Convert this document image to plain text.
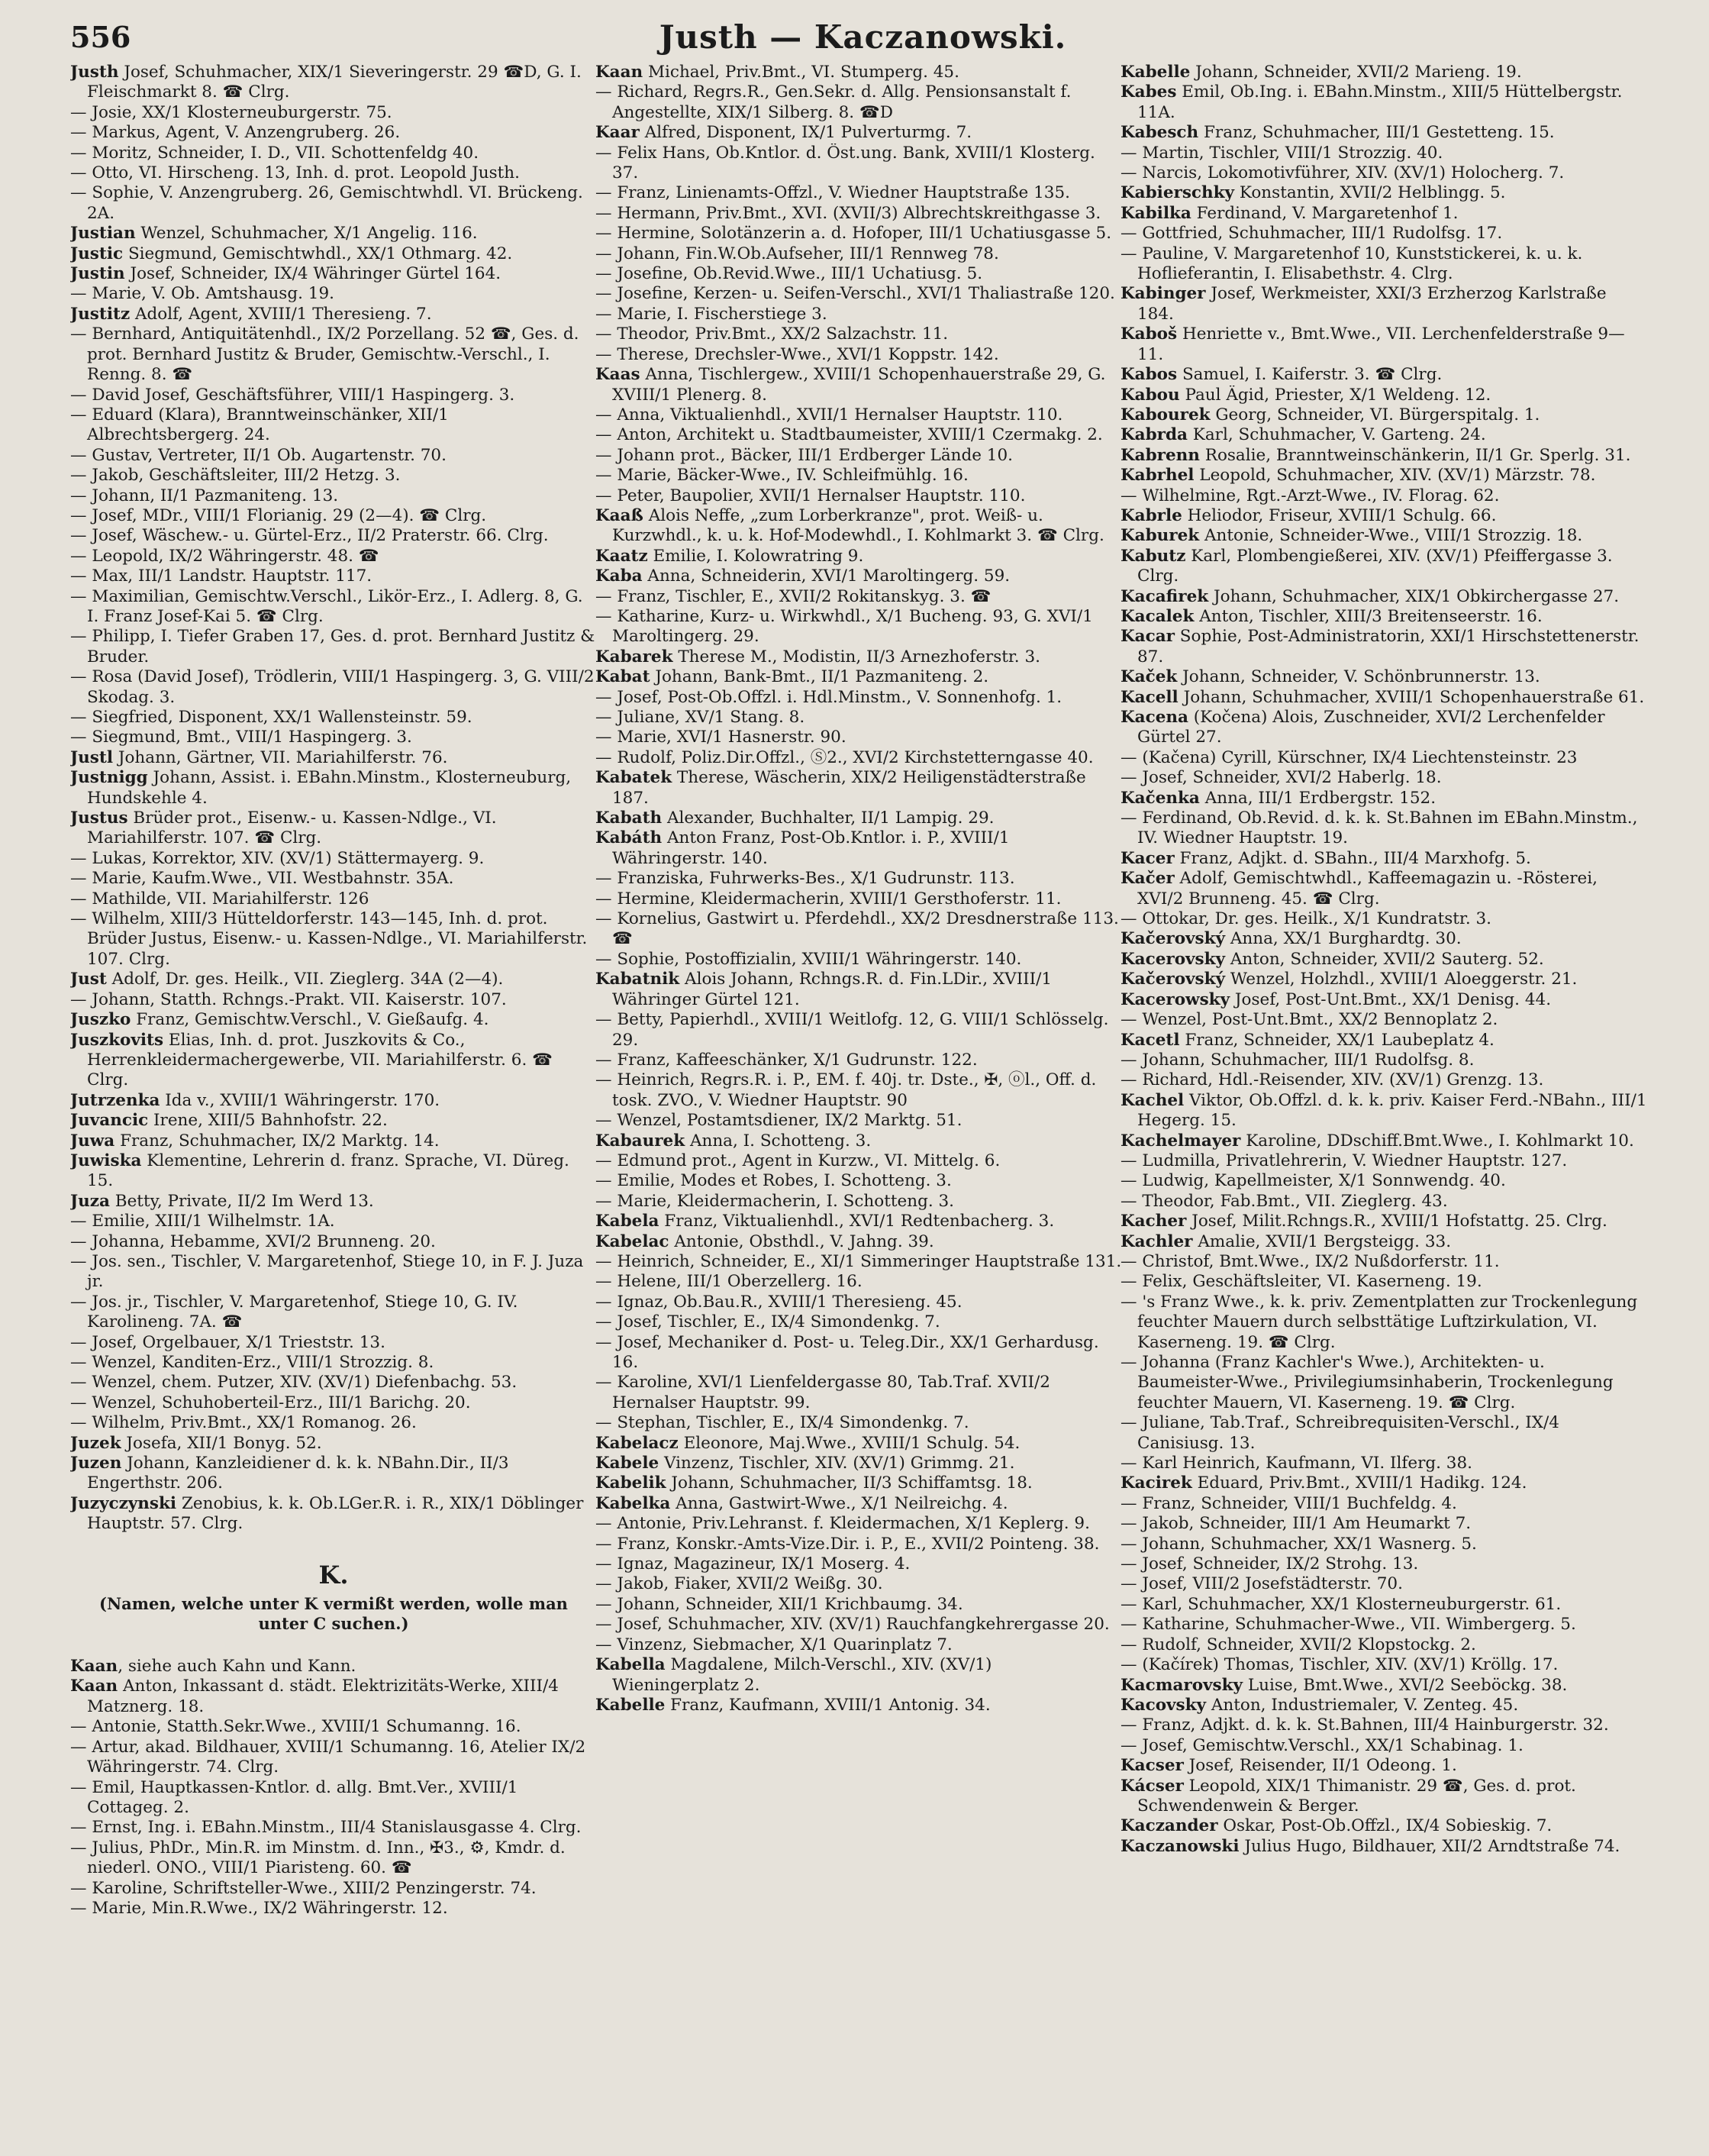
556	Justh — Kaczanowski.

Justh Josef, Schuhmacher, XIX/1 Sieveringerstr. 29 ☎D, G. I. Fleischmarkt 8. ☎ Clrg.

— Josie, XX/1 Klosterneuburgerstr. 75.

— Markus, Agent, V. Anzengruberg. 26.

— Moritz, Schneider, I. D., VII. Schottenfeldg 40.

— Otto, VI. Hirscheng. 13, Inh. d. prot. Leopold Justh.

— Sophie, V. Anzengruberg. 26, Gemischtwhdl. VI. Brückeng. 2A.

Justian Wenzel, Schuhmacher, X/1 Angelig. 116.

Justic Siegmund, Gemischtwhdl., XX/1 Othmarg. 42.

Justin Josef, Schneider, IX/4 Währinger Gürtel 164.

— Marie, V. Ob. Amtshausg. 19.

Justitz Adolf, Agent, XVIII/1 Theresieng. 7.

— Bernhard, Antiquitätenhdl., IX/2 Porzellang. 52 ☎, Ges. d. prot. Bernhard Justitz & Bruder, Gemischtw.-Verschl., I. Renng. 8. ☎

— David Josef, Geschäftsführer, VIII/1 Haspingerg. 3.

— Eduard (Klara), Branntweinschänker, XII/1 Albrechtsbergerg. 24.

— Gustav, Vertreter, II/1 Ob. Augartenstr. 70.

— Jakob, Geschäftsleiter, III/2 Hetzg. 3.

— Johann, II/1 Pazmaniteng. 13.

— Josef, MDr., VIII/1 Florianig. 29 (2—4). ☎ Clrg.

— Josef, Wäschew.- u. Gürtel-Erz., II/2 Praterstr. 66. Clrg.

— Leopold, IX/2 Währingerstr. 48. ☎

— Max, III/1 Landstr. Hauptstr. 117.

— Maximilian, Gemischtw.Verschl., Likör-Erz., I. Adlerg. 8, G. I. Franz Josef-Kai 5. ☎ Clrg.

— Philipp, I. Tiefer Graben 17, Ges. d. prot. Bernhard Justitz & Bruder.

— Rosa (David Josef), Trödlerin, VIII/1 Haspingerg. 3, G. VIII/2 Skodag. 3.

— Siegfried, Disponent, XX/1 Wallensteinstr. 59.

— Siegmund, Bmt., VIII/1 Haspingerg. 3.

Justl Johann, Gärtner, VII. Mariahilferstr. 76.

Justnigg Johann, Assist. i. EBahn.Minstm., Klosterneuburg, Hundskehle 4.

Justus Brüder prot., Eisenw.- u. Kassen-Ndlge., VI. Mariahilferstr. 107. ☎ Clrg.

— Lukas, Korrektor, XIV. (XV/1) Stättermayerg. 9.

— Marie, Kaufm.Wwe., VII. Westbahnstr. 35A.

— Mathilde, VII. Mariahilferstr. 126

— Wilhelm, XIII/3 Hütteldorferstr. 143—145, Inh. d. prot. Brüder Justus, Eisenw.- u. Kassen-Ndlge., VI. Mariahilferstr. 107. Clrg.

Just Adolf, Dr. ges. Heilk., VII. Zieglerg. 34A (2—4).

— Johann, Statth. Rchngs.-Prakt. VII. Kaiserstr. 107.

Juszko Franz, Gemischtw.Verschl., V. Gießaufg. 4.

Juszkovits Elias, Inh. d. prot. Juszkovits & Co., Herrenkleidermachergewerbe, VII. Mariahilferstr. 6. ☎ Clrg.

Jutrzenka Ida v., XVIII/1 Währingerstr. 170.

Juvancic Irene, XIII/5 Bahnhofstr. 22.

Juwa Franz, Schuhmacher, IX/2 Marktg. 14.

Juwiska Klementine, Lehrerin d. franz. Sprache, VI. Düreg. 15.

Juza Betty, Private, II/2 Im Werd 13.

— Emilie, XIII/1 Wilhelmstr. 1A.

— Johanna, Hebamme, XVI/2 Brunneng. 20.

— Jos. sen., Tischler, V. Margaretenhof, Stiege 10, in F. J. Juza jr.

— Jos. jr., Tischler, V. Margaretenhof, Stiege 10, G. IV. Karolineng. 7A. ☎

— Josef, Orgelbauer, X/1 Trieststr. 13.

— Wenzel, Kanditen-Erz., VIII/1 Strozzig. 8.

— Wenzel, chem. Putzer, XIV. (XV/1) Diefenbachg. 53.

— Wenzel, Schuhoberteil-Erz., III/1 Barichg. 20.

— Wilhelm, Priv.Bmt., XX/1 Romanog. 26.

Juzek Josefa, XII/1 Bonyg. 52.

Juzen Johann, Kanzleidiener d. k. k. NBahn.Dir., II/3 Engerthstr. 206.

Juzyczynski Zenobius, k. k. Ob.LGer.R. i. R., XIX/1 Döblinger Hauptstr. 57. Clrg.

K.
(Namen, welche unter K vermißt werden, wolle man unter C suchen.)

Kaan, siehe auch Kahn und Kann.

Kaan Anton, Inkassant d. städt. Elektrizitäts-Werke, XIII/4 Matznerg. 18.

— Antonie, Statth.Sekr.Wwe., XVIII/1 Schumanng. 16.

— Artur, akad. Bildhauer, XVIII/1 Schumanng. 16, Atelier IX/2 Währingerstr. 74. Clrg.

— Emil, Hauptkassen-Kntlor. d. allg. Bmt.Ver., XVIII/1 Cottageg. 2.

— Ernst, Ing. i. EBahn.Minstm., III/4 Stanislausgasse 4. Clrg.

— Julius, PhDr., Min.R. im Minstm. d. Inn., ✠3., ⚙, Kmdr. d. niederl. ONO., VIII/1 Piaristeng. 60. ☎

— Karoline, Schriftsteller-Wwe., XIII/2 Penzingerstr. 74.

— Marie, Min.R.Wwe., IX/2 Währingerstr. 12.

Kaan Michael, Priv.Bmt., VI. Stumperg. 45.

— Richard, Regrs.R., Gen.Sekr. d. Allg. Pensionsanstalt f. Angestellte, XIX/1 Silberg. 8. ☎D

Kaar Alfred, Disponent, IX/1 Pulverturmg. 7.

— Felix Hans, Ob.Kntlor. d. Öst.ung. Bank, XVIII/1 Klosterg. 37.

— Franz, Linienamts-Offzl., V. Wiedner Hauptstraße 135.

— Hermann, Priv.Bmt., XVI. (XVII/3) Albrechtskreithgasse 3.

— Hermine, Solotänzerin a. d. Hofoper, III/1 Uchatiusgasse 5.

— Johann, Fin.W.Ob.Aufseher, III/1 Rennweg 78.

— Josefine, Ob.Revid.Wwe., III/1 Uchatiusg. 5.

— Josefine, Kerzen- u. Seifen-Verschl., XVI/1 Thaliastraße 120.

— Marie, I. Fischerstiege 3.

— Theodor, Priv.Bmt., XX/2 Salzachstr. 11.

— Therese, Drechsler-Wwe., XVI/1 Koppstr. 142.

Kaas Anna, Tischlergew., XVIII/1 Schopenhauerstraße 29, G. XVIII/1 Plenerg. 8.

— Anna, Viktualienhdl., XVII/1 Hernalser Hauptstr. 110.

— Anton, Architekt u. Stadtbaumeister, XVIII/1 Czermakg. 2.

— Johann prot., Bäcker, III/1 Erdberger Lände 10.

— Marie, Bäcker-Wwe., IV. Schleifmühlg. 16.

— Peter, Baupolier, XVII/1 Hernalser Hauptstr. 110.

Kaaß Alois Neffe, „zum Lorberkranze", prot. Weiß- u. Kurzwhdl., k. u. k. Hof-Modewhdl., I. Kohlmarkt 3. ☎ Clrg.

Kaatz Emilie, I. Kolowratring 9.

Kaba Anna, Schneiderin, XVI/1 Maroltingerg. 59.

— Franz, Tischler, E., XVII/2 Rokitanskyg. 3. ☎

— Katharine, Kurz- u. Wirkwhdl., X/1 Bucheng. 93, G. XVI/1 Maroltingerg. 29.

Kabarek Therese M., Modistin, II/3 Arnezhoferstr. 3.

Kabat Johann, Bank-Bmt., II/1 Pazmaniteng. 2.

— Josef, Post-Ob.Offzl. i. Hdl.Minstm., V. Sonnenhofg. 1.

— Juliane, XV/1 Stang. 8.

— Marie, XVI/1 Hasnerstr. 90.

— Rudolf, Poliz.Dir.Offzl., Ⓢ2., XVI/2 Kirchstetterngasse 40.

Kabatek Therese, Wäscherin, XIX/2 Heiligenstädterstraße 187.

Kabath Alexander, Buchhalter, II/1 Lampig. 29.

Kabáth Anton Franz, Post-Ob.Kntlor. i. P., XVIII/1 Währingerstr. 140.

— Franziska, Fuhrwerks-Bes., X/1 Gudrunstr. 113.

— Hermine, Kleidermacherin, XVIII/1 Gersthoferstr. 11.

— Kornelius, Gastwirt u. Pferdehdl., XX/2 Dresdnerstraße 113. ☎

— Sophie, Postoffizialin, XVIII/1 Währingerstr. 140.

Kabatnik Alois Johann, Rchngs.R. d. Fin.LDir., XVIII/1 Währinger Gürtel 121.

— Betty, Papierhdl., XVIII/1 Weitlofg. 12, G. VIII/1 Schlösselg. 29.

— Franz, Kaffeeschänker, X/1 Gudrunstr. 122.

— Heinrich, Regrs.R. i. P., EM. f. 40j. tr. Dste., ✠, ⓞl., Off. d. tosk. ZVO., V. Wiedner Hauptstr. 90

— Wenzel, Postamtsdiener, IX/2 Marktg. 51.

Kabaurek Anna, I. Schotteng. 3.

— Edmund prot., Agent in Kurzw., VI. Mittelg. 6.

— Emilie, Modes et Robes, I. Schotteng. 3.

— Marie, Kleidermacherin, I. Schotteng. 3.

Kabela Franz, Viktualienhdl., XVI/1 Redtenbacherg. 3.

Kabelac Antonie, Obsthdl., V. Jahng. 39.

— Heinrich, Schneider, E., XI/1 Simmeringer Hauptstraße 131.

— Helene, III/1 Oberzellerg. 16.

— Ignaz, Ob.Bau.R., XVIII/1 Theresieng. 45.

— Josef, Tischler, E., IX/4 Simondenkg. 7.

— Josef, Mechaniker d. Post- u. Teleg.Dir., XX/1 Gerhardusg. 16.

— Karoline, XVI/1 Lienfeldergasse 80, Tab.Traf. XVII/2 Hernalser Hauptstr. 99.

— Stephan, Tischler, E., IX/4 Simondenkg. 7.

Kabelacz Eleonore, Maj.Wwe., XVIII/1 Schulg. 54.

Kabele Vinzenz, Tischler, XIV. (XV/1) Grimmg. 21.

Kabelik Johann, Schuhmacher, II/3 Schiffamtsg. 18.

Kabelka Anna, Gastwirt-Wwe., X/1 Neilreichg. 4.

— Antonie, Priv.Lehranst. f. Kleidermachen, X/1 Keplerg. 9.

— Franz, Konskr.-Amts-Vize.Dir. i. P., E., XVII/2 Pointeng. 38.

— Ignaz, Magazineur, IX/1 Moserg. 4.

— Jakob, Fiaker, XVII/2 Weißg. 30.

— Johann, Schneider, XII/1 Krichbaumg. 34.

— Josef, Schuhmacher, XIV. (XV/1) Rauchfangkehrergasse 20.

— Vinzenz, Siebmacher, X/1 Quarinplatz 7.

Kabella Magdalene, Milch-Verschl., XIV. (XV/1) Wieningerplatz 2.

Kabelle Franz, Kaufmann, XVIII/1 Antonig. 34.

Kabelle Johann, Schneider, XVII/2 Marieng. 19.

Kabes Emil, Ob.Ing. i. EBahn.Minstm., XIII/5 Hüttelbergstr. 11A.

Kabesch Franz, Schuhmacher, III/1 Gestetteng. 15.

— Martin, Tischler, VIII/1 Strozzig. 40.

— Narcis, Lokomotivführer, XIV. (XV/1) Holocherg. 7.

Kabierschky Konstantin, XVII/2 Helblingg. 5.

Kabilka Ferdinand, V. Margaretenhof 1.

— Gottfried, Schuhmacher, III/1 Rudolfsg. 17.

— Pauline, V. Margaretenhof 10, Kunststickerei, k. u. k. Hoflieferantin, I. Elisabethstr. 4. Clrg.

Kabinger Josef, Werkmeister, XXI/3 Erzherzog Karlstraße 184.

Kaboš Henriette v., Bmt.Wwe., VII. Lerchenfelderstraße 9—11.

Kabos Samuel, I. Kaiferstr. 3. ☎ Clrg.

Kabou Paul Ägid, Priester, X/1 Weldeng. 12.

Kabourek Georg, Schneider, VI. Bürgerspitalg. 1.

Kabrda Karl, Schuhmacher, V. Garteng. 24.

Kabrenn Rosalie, Branntweinschänkerin, II/1 Gr. Sperlg. 31.

Kabrhel Leopold, Schuhmacher, XIV. (XV/1) Märzstr. 78.

— Wilhelmine, Rgt.-Arzt-Wwe., IV. Florag. 62.

Kabrle Heliodor, Friseur, XVIII/1 Schulg. 66.

Kaburek Antonie, Schneider-Wwe., VIII/1 Strozzig. 18.

Kabutz Karl, Plombengießerei, XIV. (XV/1) Pfeiffergasse 3. Clrg.

Kacafirek Johann, Schuhmacher, XIX/1 Obkirchergasse 27.

Kacalek Anton, Tischler, XIII/3 Breitenseerstr. 16.

Kacar Sophie, Post-Administratorin, XXI/1 Hirschstettenerstr. 87.

Kaček Johann, Schneider, V. Schönbrunnerstr. 13.

Kacell Johann, Schuhmacher, XVIII/1 Schopenhauerstraße 61.

Kacena (Kočena) Alois, Zuschneider, XVI/2 Lerchenfelder Gürtel 27.

— (Kačena) Cyrill, Kürschner, IX/4 Liechtensteinstr. 23

— Josef, Schneider, XVI/2 Haberlg. 18.

Kačenka Anna, III/1 Erdbergstr. 152.

— Ferdinand, Ob.Revid. d. k. k. St.Bahnen im EBahn.Minstm., IV. Wiedner Hauptstr. 19.

Kacer Franz, Adjkt. d. SBahn., III/4 Marxhofg. 5.

Kačer Adolf, Gemischtwhdl., Kaffeemagazin u. -Rösterei, XVI/2 Brunneng. 45. ☎ Clrg.

— Ottokar, Dr. ges. Heilk., X/1 Kundratstr. 3.

Kačerovský Anna, XX/1 Burghardtg. 30.

Kacerovsky Anton, Schneider, XVII/2 Sauterg. 52.

Kačerovský Wenzel, Holzhdl., XVIII/1 Aloeggerstr. 21.

Kacerowsky Josef, Post-Unt.Bmt., XX/1 Denisg. 44.

— Wenzel, Post-Unt.Bmt., XX/2 Bennoplatz 2.

Kacetl Franz, Schneider, XX/1 Laubeplatz 4.

— Johann, Schuhmacher, III/1 Rudolfsg. 8.

— Richard, Hdl.-Reisender, XIV. (XV/1) Grenzg. 13.

Kachel Viktor, Ob.Offzl. d. k. k. priv. Kaiser Ferd.-NBahn., III/1 Hegerg. 15.

Kachelmayer Karoline, DDschiff.Bmt.Wwe., I. Kohlmarkt 10.

— Ludmilla, Privatlehrerin, V. Wiedner Hauptstr. 127.

— Ludwig, Kapellmeister, X/1 Sonnwendg. 40.

— Theodor, Fab.Bmt., VII. Zieglerg. 43.

Kacher Josef, Milit.Rchngs.R., XVIII/1 Hofstattg. 25. Clrg.

Kachler Amalie, XVII/1 Bergsteigg. 33.

— Christof, Bmt.Wwe., IX/2 Nußdorferstr. 11.

— Felix, Geschäftsleiter, VI. Kaserneng. 19.

— 's Franz Wwe., k. k. priv. Zementplatten zur Trockenlegung feuchter Mauern durch selbsttätige Luftzirkulation, VI. Kaserneng. 19. ☎ Clrg.

— Johanna (Franz Kachler's Wwe.), Architekten- u. Baumeister-Wwe., Privilegiumsinhaberin, Trockenlegung feuchter Mauern, VI. Kaserneng. 19. ☎ Clrg.

— Juliane, Tab.Traf., Schreibrequisiten-Verschl., IX/4 Canisiusg. 13.

— Karl Heinrich, Kaufmann, VI. Ilferg. 38.

Kacirek Eduard, Priv.Bmt., XVIII/1 Hadikg. 124.

— Franz, Schneider, VIII/1 Buchfeldg. 4.

— Jakob, Schneider, III/1 Am Heumarkt 7.

— Johann, Schuhmacher, XX/1 Wasnerg. 5.

— Josef, Schneider, IX/2 Strohg. 13.

— Josef, VIII/2 Josefstädterstr. 70.

— Karl, Schuhmacher, XX/1 Klosterneuburgerstr. 61.

— Katharine, Schuhmacher-Wwe., VII. Wimbergerg. 5.

— Rudolf, Schneider, XVII/2 Klopstockg. 2.

— (Kačírek) Thomas, Tischler, XIV. (XV/1) Kröllg. 17.

Kacmarovsky Luise, Bmt.Wwe., XVI/2 Seeböckg. 38.

Kacovsky Anton, Industriemaler, V. Zenteg. 45.

— Franz, Adjkt. d. k. k. St.Bahnen, III/4 Hainburgerstr. 32.

— Josef, Gemischtw.Verschl., XX/1 Schabinag. 1.

Kacser Josef, Reisender, II/1 Odeong. 1.

Kácser Leopold, XIX/1 Thimanistr. 29 ☎, Ges. d. prot. Schwendenwein & Berger.

Kaczander Oskar, Post-Ob.Offzl., IX/4 Sobieskig. 7.

Kaczanowski Julius Hugo, Bildhauer, XII/2 Arndtstraße 74.
